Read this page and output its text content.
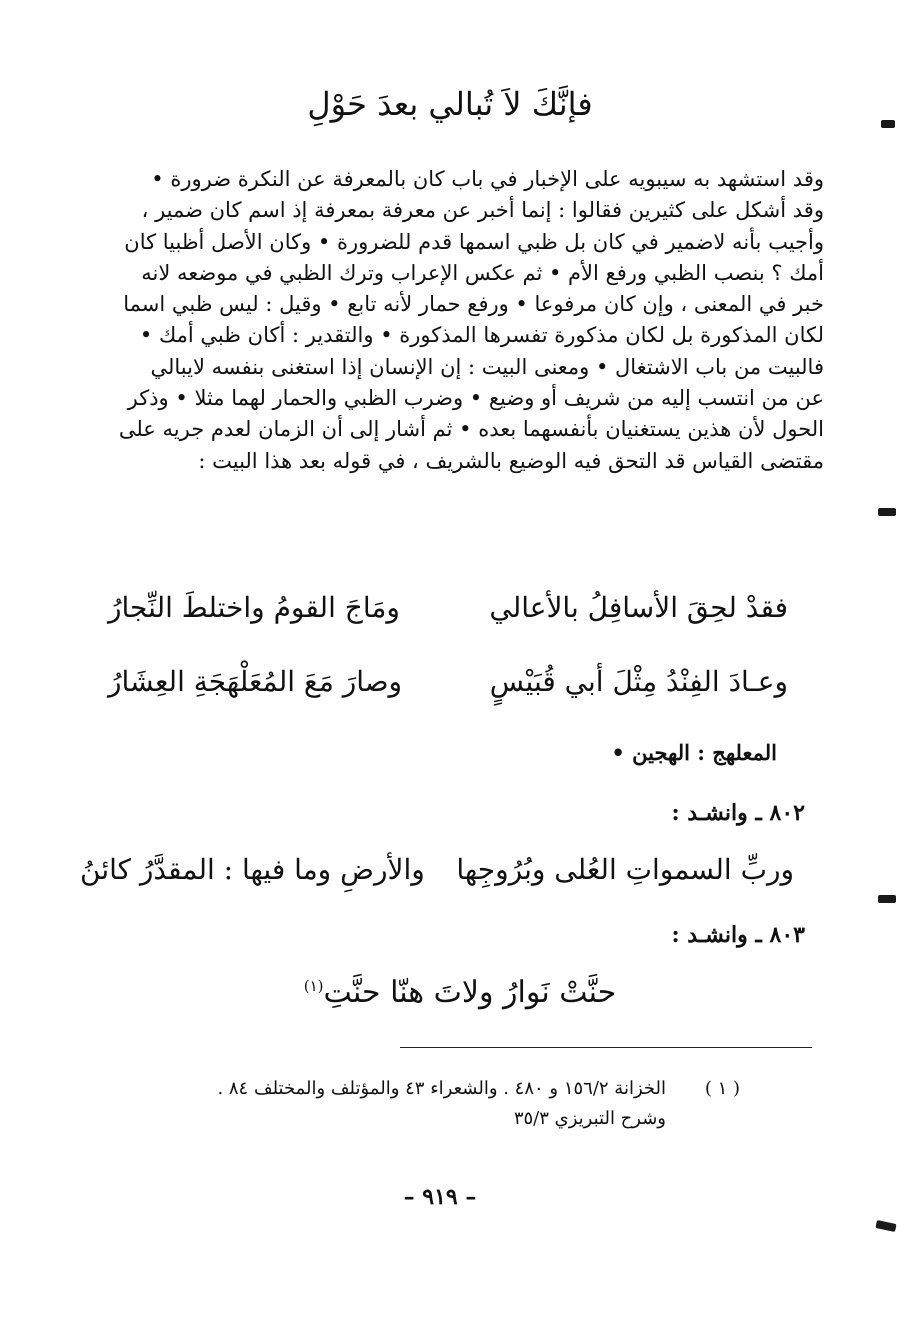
فإنَّكَ لاَ تُبالي بعدَ حَوْلِ

وقد استشهد به سيبويه على الإخبار في باب كان بالمعرفة عن النكرة ضرورة •

وقد أشكل على كثيرين فقالوا : إنما أخبر عن معرفة بمعرفة إذ اسم كان ضمير ،

وأجيب بأنه لاضمير في كان بل ظبي اسمها قدم للضرورة • وكان الأصل أظبيا كان

أمك ؟ بنصب الظبي ورفع الأم • ثم عكس الإعراب وترك الظبي في موضعه لانه

خبر في المعنى ، وإن كان مرفوعا • ورفع حمار لأنه تابع • وقيل : ليس ظبي اسما

لكان المذكورة بل لكان مذكورة تفسرها المذكورة • والتقدير : أكان ظبي أمك •

فالبيت من باب الاشتغال • ومعنى البيت : إن الإنسان إذا استغنى بنفسه لايبالي

عن من انتسب إليه من شريف أو وضيع • وضرب الظبي والحمار لهما مثلا • وذكر

الحول لأن هذين يستغنيان بأنفسهما بعده • ثم أشار إلى أن الزمان لعدم جريه على

مقتضى القياس قد التحق فيه الوضيع بالشريف ، في قوله بعد هذا البيت :

فقدْ لحِقَ الأسافِلُ بالأعالي
ومَاجَ القومُ واختلطَ النِّجارُ
وعـادَ الفِنْدُ مِثْلَ أبي قُبَيْسٍ
وصارَ مَعَ المُعَلْهَجَةِ العِشَارُ
المعلهج : الهجين •
٨٠٢ ـ وانشـد :
وربِّ السمواتِ العُلى وبُرُوجِها
والأرضِ وما فيها : المقدَّرُ كائنُ
٨٠٣ ـ وانشـد :
حنَّتْ نَوارُ ولاتَ هنّا حنَّتِ$^{(١)}$
( ١ )الخزانة ١٥٦/٢ و ٤٨٠ . والشعراء ٤٣ والمؤتلف والمختلف ٨٤ .
وشرح التبريزي ٣٥/٣
– ٩١٩ –
